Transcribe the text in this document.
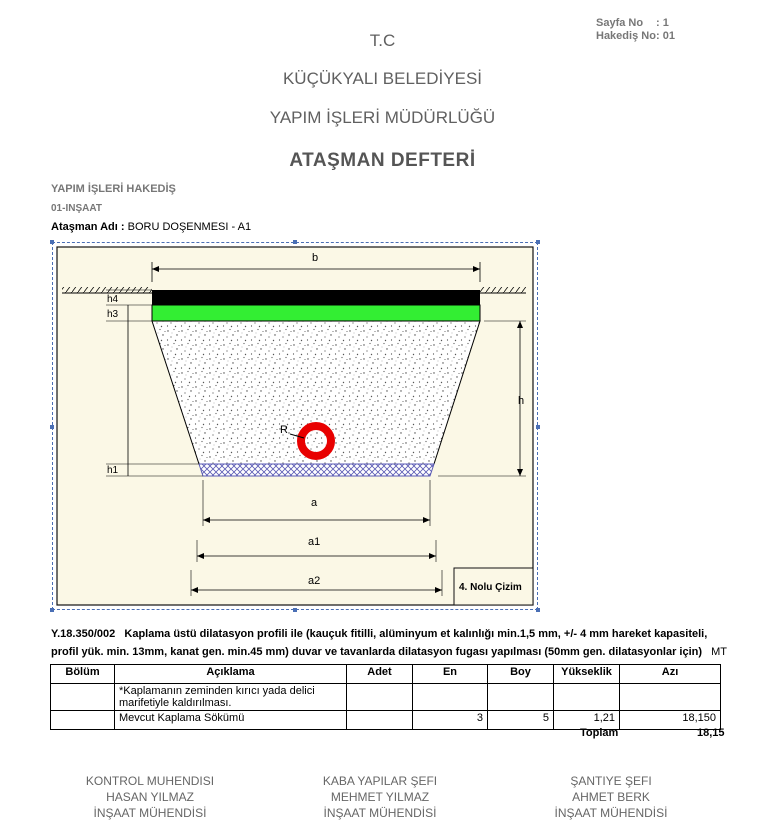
Sayfa No	: 1
Hakediş No : 01
T.C
KÜÇÜKYALI BELEDİYESİ
YAPIM İŞLERİ MÜDÜRLÜĞÜ
ATAŞMAN DEFTERİ
YAPIM İŞLERİ HAKEDİŞ
01-INŞAAT
Ataşman Adı : BORU DOŞENMESI - A1
R
b
h4
h3
h1
h
a
a1
a2
4. Nolu Çizim
Y.18.350/002 Kaplama üstü dilatasyon profili ile (kauçuk fitilli, alüminyum et kalınlığı min.1,5 mm, +/- 4 mm hareket kapasiteli, profil yük. min. 13mm, kanat gen. min.45 mm) duvar ve tavanlarda dilatasyon fugası yapılması (50mm gen. dilatasyonlar için) MT
Bölüm	Açıklama	Adet	En	Boy	Yükseklik	Azı
	*Kaplamanın zeminden kırıcı yada delici marifetiyle kaldırılması.					
	Mevcut Kaplama Sökümü		3	5	1,21	18,150
Toplam	18,15
KONTROL MUHENDISI
HASAN YILMAZ
İNŞAAT MÜHENDİSİ
KABA YAPILAR ŞEFI
MEHMET YILMAZ
İNŞAAT MÜHENDİSİ
ŞANTIYE ŞEFI
AHMET BERK
İNŞAAT MÜHENDİSİ
